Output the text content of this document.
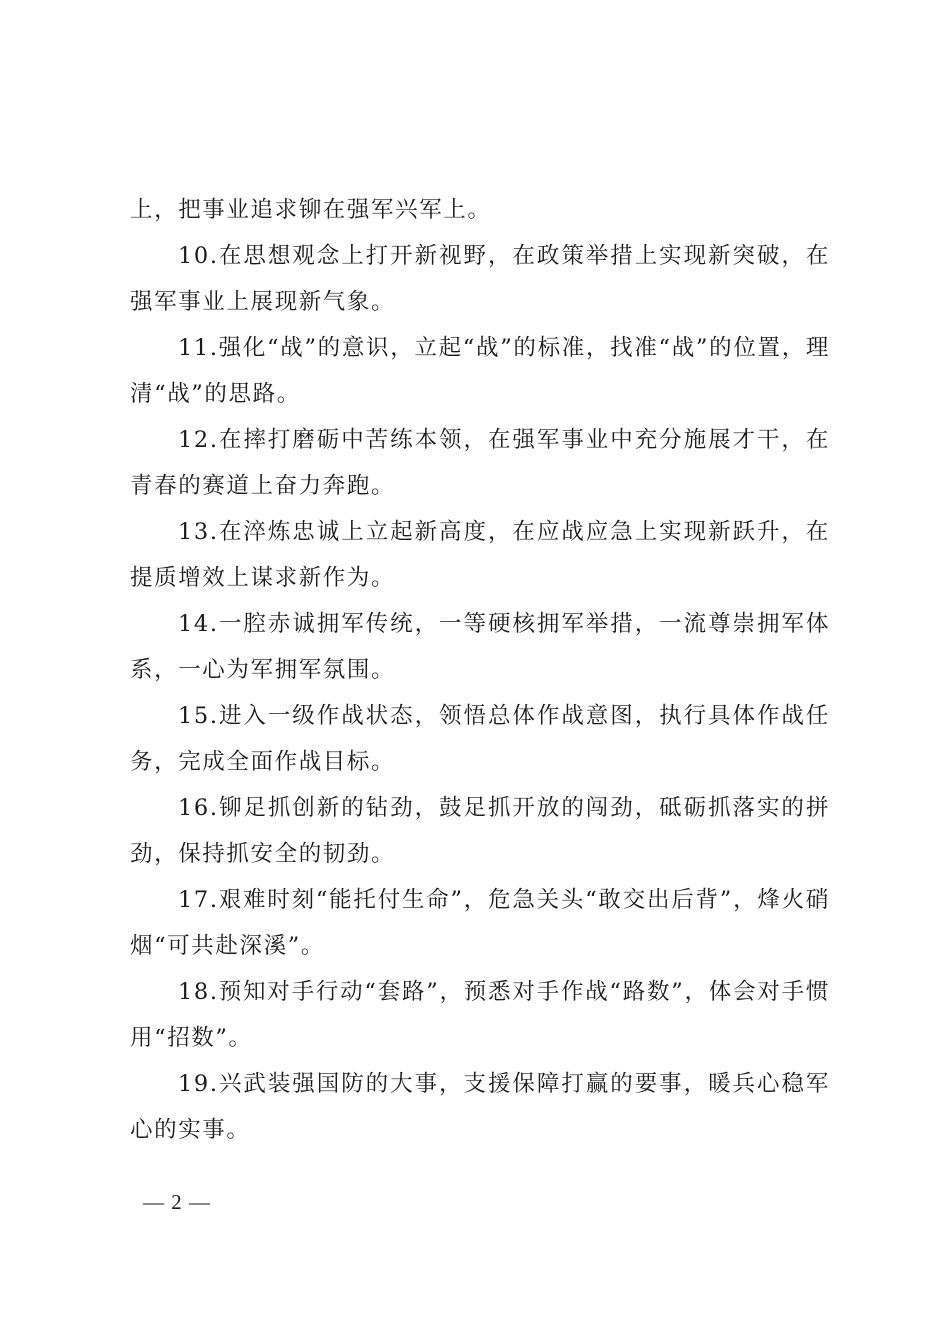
上，把事业追求铆在强军兴军上。

10.在思想观念上打开新视野，在政策举措上实现新突破，在强军事业上展现新气象。

11.强化“战”的意识，立起“战”的标准，找准“战”的位置，理清“战”的思路。

12.在摔打磨砺中苦练本领，在强军事业中充分施展才干，在青春的赛道上奋力奔跑。

13.在淬炼忠诚上立起新高度，在应战应急上实现新跃升，在提质增效上谋求新作为。

14.一腔赤诚拥军传统，一等硬核拥军举措，一流尊崇拥军体系，一心为军拥军氛围。

15.进入一级作战状态，领悟总体作战意图，执行具体作战任务，完成全面作战目标。

16.铆足抓创新的钻劲，鼓足抓开放的闯劲，砥砺抓落实的拼劲，保持抓安全的韧劲。

17.艰难时刻“能托付生命”，危急关头“敢交出后背”，烽火硝烟“可共赴深溪”。

18.预知对手行动“套路”，预悉对手作战“路数”，体会对手惯用“招数”。

19.兴武装强国防的大事，支援保障打赢的要事，暖兵心稳军心的实事。

— 2 —
